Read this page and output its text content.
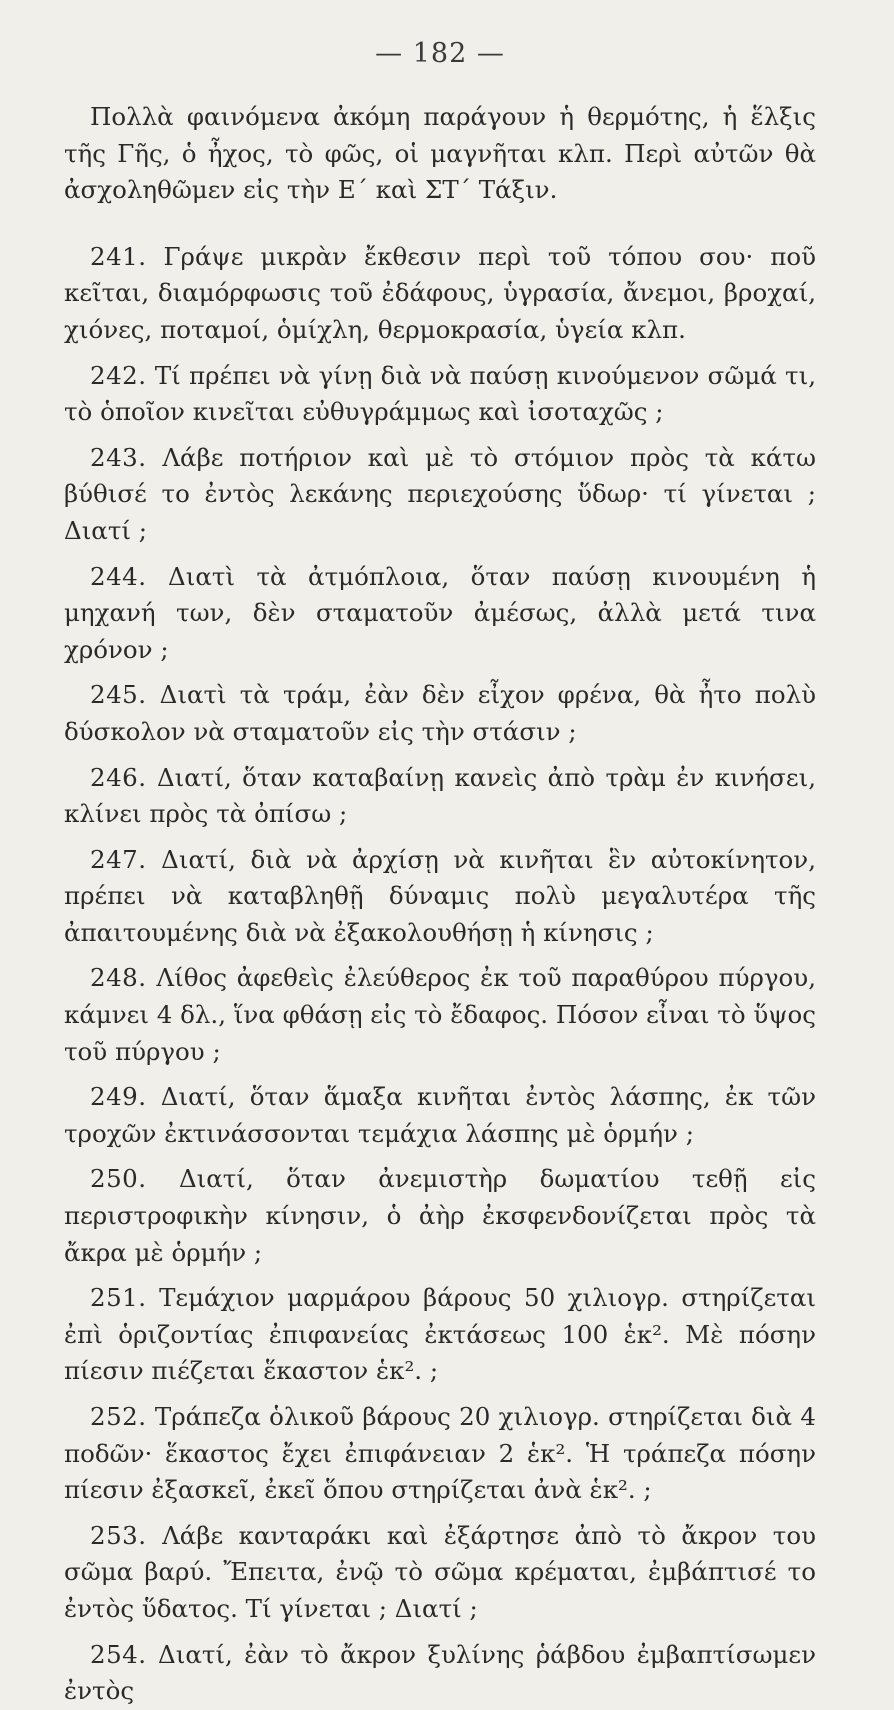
— 182 —

Πολλὰ φαινόμενα ἀκόμη παράγουν ἡ θερμότης, ἡ ἕλξις τῆς Γῆς, ὁ ἦχος, τὸ φῶς, οἱ μαγνῆται κλπ. Περὶ αὐτῶν θὰ ἀσχοληθῶμεν εἰς τὴν Ε΄ καὶ ΣΤ΄ Τάξιν.

241. Γράψε μικρὰν ἔκθεσιν περὶ τοῦ τόπου σου· ποῦ κεῖται, διαμόρφωσις τοῦ ἐδάφους, ὑγρασία, ἄνεμοι, βροχαί, χιόνες, ποταμοί, ὁμίχλη, θερμοκρασία, ὑγεία κλπ.

242. Τί πρέπει νὰ γίνῃ διὰ νὰ παύσῃ κινούμενον σῶμά τι, τὸ ὁποῖον κινεῖται εὐθυγράμμως καὶ ἰσοταχῶς ;

243. Λάβε ποτήριον καὶ μὲ τὸ στόμιον πρὸς τὰ κάτω βύθισέ το ἐντὸς λεκάνης περιεχούσης ὕδωρ· τί γίνεται ; Διατί ;

244. Διατὶ τὰ ἀτμόπλοια, ὅταν παύσῃ κινουμένη ἡ μηχανή των, δὲν σταματοῦν ἀμέσως, ἀλλὰ μετά τινα χρόνον ;

245. Διατὶ τὰ τράμ, ἐὰν δὲν εἶχον φρένα, θὰ ἦτο πολὺ δύσκολον νὰ σταματοῦν εἰς τὴν στάσιν ;

246. Διατί, ὅταν καταβαίνῃ κανεὶς ἀπὸ τρὰμ ἐν κινήσει, κλίνει πρὸς τὰ ὀπίσω ;

247. Διατί, διὰ νὰ ἀρχίσῃ νὰ κινῆται ἓν αὐτοκίνητον, πρέπει νὰ καταβληθῇ δύναμις πολὺ μεγαλυτέρα τῆς ἀπαιτουμένης διὰ νὰ ἐξακολουθήσῃ ἡ κίνησις ;

248. Λίθος ἀφεθεὶς ἐλεύθερος ἐκ τοῦ παραθύρου πύργου, κάμνει 4 δλ., ἵνα φθάσῃ εἰς τὸ ἔδαφος. Πόσον εἶναι τὸ ὕψος τοῦ πύργου ;

249. Διατί, ὅταν ἅμαξα κινῆται ἐντὸς λάσπης, ἐκ τῶν τροχῶν ἐκτινάσσονται τεμάχια λάσπης μὲ ὁρμήν ;

250. Διατί, ὅταν ἀνεμιστὴρ δωματίου τεθῇ εἰς περιστροφικὴν κίνησιν, ὁ ἀὴρ ἐκσφενδονίζεται πρὸς τὰ ἄκρα μὲ ὁρμήν ;

251. Τεμάχιον μαρμάρου βάρους 50 χιλιογρ. στηρίζεται ἐπὶ ὁριζοντίας ἐπιφανείας ἐκτάσεως 100 ἑκ². Μὲ πόσην πίεσιν πιέζεται ἕκαστον ἑκ². ;

252. Τράπεζα ὁλικοῦ βάρους 20 χιλιογρ. στηρίζεται διὰ 4 ποδῶν· ἕκαστος ἔχει ἐπιφάνειαν 2 ἑκ². Ἡ τράπεζα πόσην πίεσιν ἐξασκεῖ, ἐκεῖ ὅπου στηρίζεται ἀνὰ ἑκ². ;

253. Λάβε κανταράκι καὶ ἐξάρτησε ἀπὸ τὸ ἄκρον του σῶμα βαρύ. Ἔπειτα, ἐνῷ τὸ σῶμα κρέμαται, ἐμβάπτισέ το ἐντὸς ὕδατος. Τί γίνεται ; Διατί ;

254. Διατί, ἐὰν τὸ ἄκρον ξυλίνης ῥάβδου ἐμβαπτίσωμεν ἐντὸς
